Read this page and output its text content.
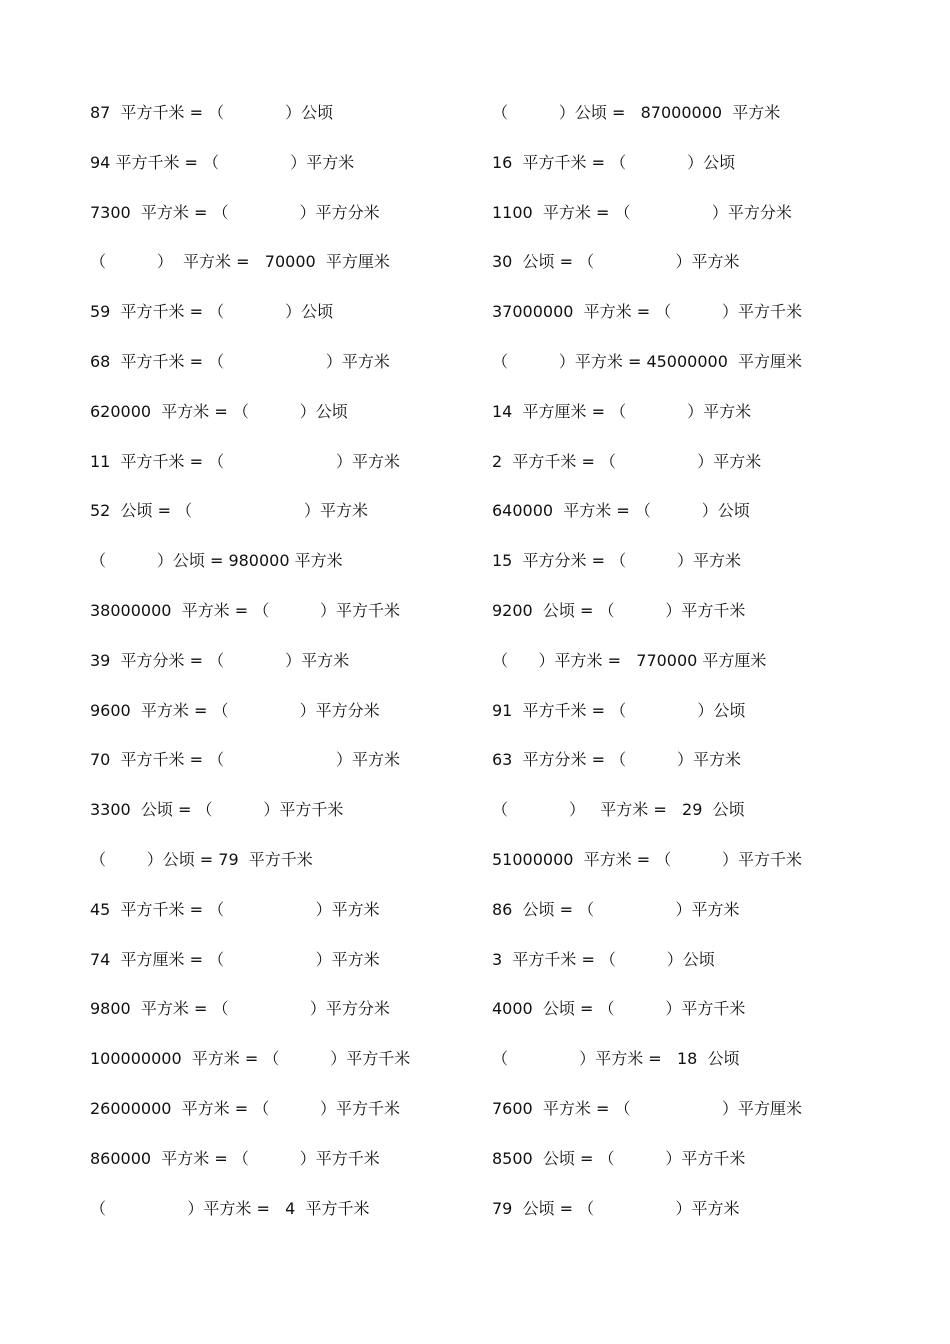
87  平方千米 = （            ）公顷
94 平方千米 = （              ）平方米
7300  平方米 = （              ）平方分米
（          ）  平方米 =   70000  平方厘米
59  平方千米 = （            ）公顷
68  平方千米 = （                    ）平方米
620000  平方米 = （          ）公顷
11  平方千米 = （                      ）平方米
52  公顷 = （                      ）平方米
（          ）公顷 = 980000 平方米
38000000  平方米 = （          ）平方千米
39  平方分米 = （            ）平方米
9600  平方米 = （              ）平方分米
70  平方千米 = （                      ）平方米
3300  公顷 = （          ）平方千米
（        ）公顷 = 79  平方千米
45  平方千米 = （                  ）平方米
74  平方厘米 = （                  ）平方米
9800  平方米 = （                ）平方分米
100000000  平方米 = （          ）平方千米
26000000  平方米 = （          ）平方千米
860000  平方米 = （          ）平方千米
（                ）平方米 =   4  平方千米
（          ）公顷 =   87000000  平方米
16  平方千米 = （            ）公顷
1100  平方米 = （                ）平方分米
30  公顷 = （                ）平方米
37000000  平方米 = （          ）平方千米
（          ）平方米 = 45000000  平方厘米
14  平方厘米 = （            ）平方米
2  平方千米 = （                ）平方米
640000  平方米 = （          ）公顷
15  平方分米 = （          ）平方米
9200  公顷 = （          ）平方千米
（      ）平方米 =   770000 平方厘米
91  平方千米 = （              ）公顷
63  平方分米 = （          ）平方米
（            ）   平方米 =   29  公顷
51000000  平方米 = （          ）平方千米
86  公顷 = （                ）平方米
3  平方千米 = （          ）公顷
4000  公顷 = （          ）平方千米
（              ）平方米 =   18  公顷
7600  平方米 = （                  ）平方厘米
8500  公顷 = （          ）平方千米
79  公顷 = （                ）平方米
